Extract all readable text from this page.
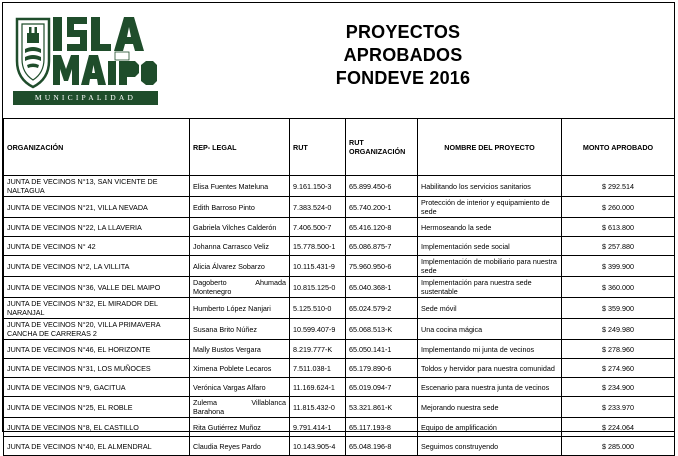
MUNICIPALIDAD
PROYECTOS APROBADOS
FONDEVE 2016
ORGANIZACIÓN	REP- LEGAL	RUT	RUT ORGANIZACIÓN	NOMBRE DEL PROYECTO	MONTO APROBADO
JUNTA DE VECINOS N°13, SAN VICENTE DE NALTAGUA	Elisa Fuentes Mateluna	9.161.150-3	65.899.450-6	Habilitando los servicios sanitarios	$ 292.514
JUNTA DE VECINOS N°21, VILLA NEVADA	Edith Barroso Pinto	7.383.524-0	65.740.200-1	Protección de interior y equipamiento de sede	$ 260.000
JUNTA DE VECINOS N°22, LA LLAVERIA	Gabriela Vilches Calderón	7.406.500-7	65.416.120-8	Hermoseando la sede	$ 613.800
JUNTA DE VECINOS N° 42	Johanna Carrasco Veliz	15.778.500-1	65.086.875-7	Implementación sede social	$ 257.880
JUNTA DE VECINOS N°2, LA VILLITA	Alicia Álvarez Sobarzo	10.115.431-9	75.960.950-6	Implementación de mobiliario para nuestra sede	$ 399.900
JUNTA DE VECINOS N°36, VALLE DEL MAIPO	Dagoberto Ahumada Montenegro	10.815.125-0	65.040.368-1	Implementación para nuestra sede sustentable	$ 360.000
JUNTA DE VECINOS N°32, EL MIRADOR DEL NARANJAL	Humberto López Nanjari	5.125.510-0	65.024.579-2	Sede móvil	$ 359.900
JUNTA DE VECINOS N°20, VILLA PRIMAVERA CANCHA DE CARRERAS 2	Susana Brito Núñez	10.599.407-9	65.068.513-K	Una cocina mágica	$ 249.980
JUNTA DE VECINOS N°46, EL HORIZONTE	Mally Bustos Vergara	8.219.777-K	65.050.141-1	Implementando mi junta de vecinos	$ 278.960
JUNTA DE VECINOS N°31, LOS MUÑOCES	Ximena Poblete Lecaros	7.511.038-1	65.179.890-6	Toldos y hervidor para nuestra comunidad	$ 274.960
JUNTA DE VECINOS N°9, GACITUA	Verónica Vargas Alfaro	11.169.624-1	65.019.094-7	Escenario para nuestra junta de vecinos	$ 234.900
JUNTA DE VECINOS N°25, EL ROBLE	Zulema Villablanca Barahona	11.815.432-0	53.321.861-K	Mejorando nuestra sede	$ 233.970
JUNTA DE VECINOS N°8, EL CASTILLO	Rita Gutiérrez Muñoz	9.791.414-1	65.117.193-8	Equipo de amplificación	$ 224.064
JUNTA DE VECINOS N°40, EL ALMENDRAL	Claudia Reyes Pardo	10.143.905-4	65.048.196-8	Seguimos construyendo	$ 285.000
